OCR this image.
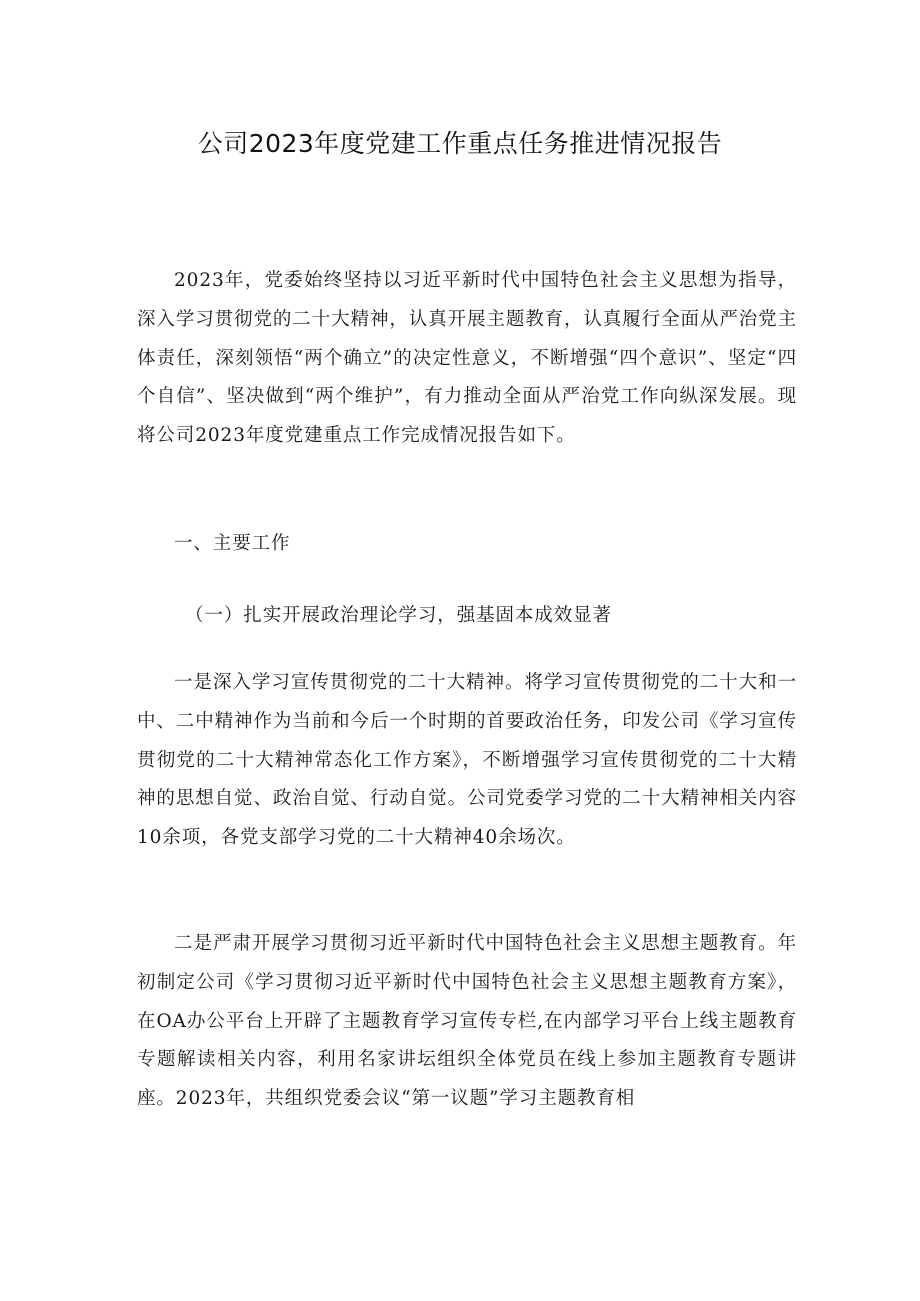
公司2023年度党建工作重点任务推进情况报告

2023年，党委始终坚持以习近平新时代中国特色社会主义思想为指导，深入学习贯彻党的二十大精神，认真开展主题教育，认真履行全面从严治党主体责任，深刻领悟“两个确立”的决定性意义，不断增强“四个意识”、坚定“四个自信”、坚决做到“两个维护”，有力推动全面从严治党工作向纵深发展。现将公司2023年度党建重点工作完成情况报告如下。

一、主要工作

（一）扎实开展政治理论学习，强基固本成效显著

一是深入学习宣传贯彻党的二十大精神。将学习宣传贯彻党的二十大和一中、二中精神作为当前和今后一个时期的首要政治任务，印发公司《学习宣传贯彻党的二十大精神常态化工作方案》，不断增强学习宣传贯彻党的二十大精神的思想自觉、政治自觉、行动自觉。公司党委学习党的二十大精神相关内容10余项，各党支部学习党的二十大精神40余场次。

二是严肃开展学习贯彻习近平新时代中国特色社会主义思想主题教育。年初制定公司《学习贯彻习近平新时代中国特色社会主义思想主题教育方案》，在OA办公平台上开辟了主题教育学习宣传专栏,在内部学习平台上线主题教育专题解读相关内容，利用名家讲坛组织全体党员在线上参加主题教育专题讲座。2023年，共组织党委会议“第一议题”学习主题教育相
